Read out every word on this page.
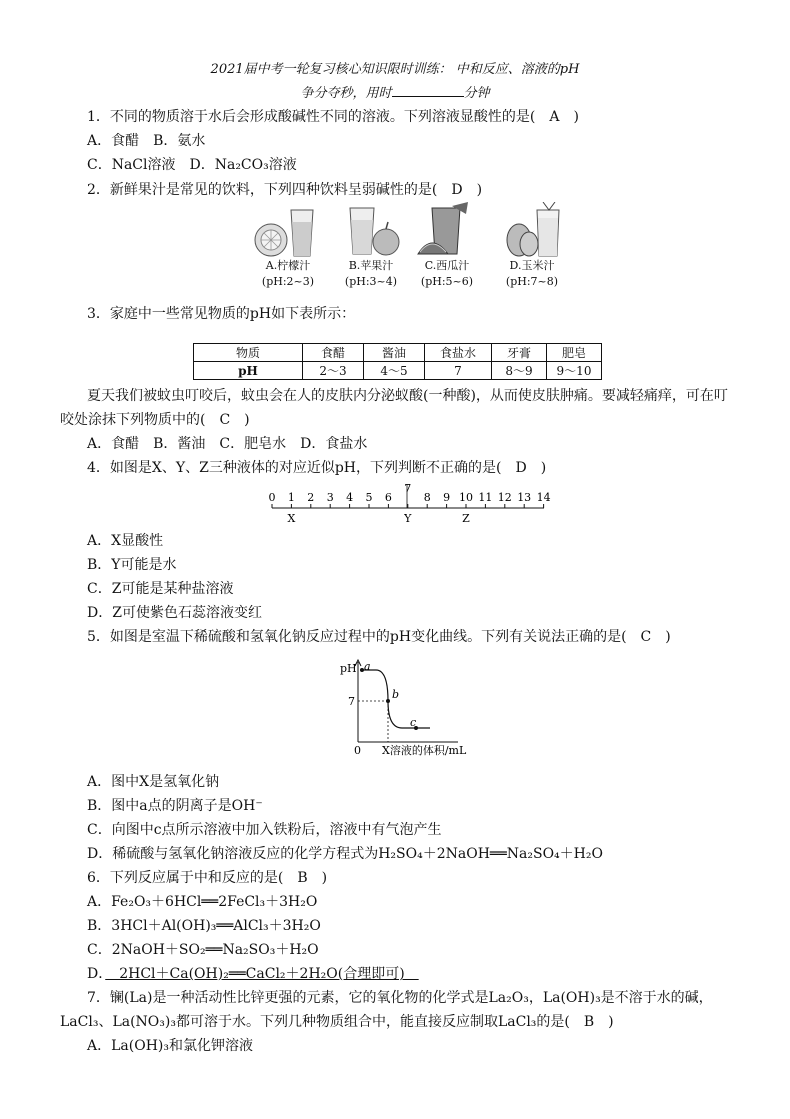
2021届中考一轮复习核心知识限时训练： 中和反应、溶液的pH
争分夺秒，用时	分钟
1．不同的物质溶于水后会形成酸碱性不同的溶液。下列溶液显酸性的是(　A　)
A．食醋　B．氨水
C．NaCl溶液　D．Na₂CO₃溶液
2．新鲜果汁是常见的饮料，下列四种饮料呈弱碱性的是(　D　)
A.柠檬汁
(pH:2~3)
B.苹果汁
(pH:3~4)
C.西瓜汁
(pH:5~6)
D.玉米汁
(pH:7~8)
3．家庭中一些常见物质的pH如下表所示：
物质	食醋	酱油	食盐水	牙膏	肥皂
pH	2～3	4～5	7	8～9	9～10
夏天我们被蚊虫叮咬后，蚊虫会在人的皮肤内分泌蚁酸(一种酸)，从而使皮肤肿痛。要减轻痛痒，可在叮
咬处涂抹下列物质中的(　C　)
A．食醋　B．酱油　C．肥皂水　D．食盐水
4．如图是X、Y、Z三种液体的对应近似pH，下列判断不正确的是(　D　)
0 1 2 3 4 5 6	8 9 10 11 12 13 14
7
X	Y	Z
A．X显酸性
B．Y可能是水
C．Z可能是某种盐溶液
D．Z可使紫色石蕊溶液变红
5．如图是室温下稀硫酸和氢氧化钠反应过程中的pH变化曲线。下列有关说法正确的是(　C　)
pH a
b
c
7
0 X溶液的体积/mL
A．图中X是氢氧化钠
B．图中a点的阴离子是OH⁻
C．向图中c点所示溶液中加入铁粉后，溶液中有气泡产生
D．稀硫酸与氢氧化钠溶液反应的化学方程式为H₂SO₄＋2NaOH══Na₂SO₄＋H₂O
6．下列反应属于中和反应的是(　B　)
A．Fe₂O₃＋6HCl══2FeCl₃＋3H₂O
B．3HCl＋Al(OH)₃══AlCl₃＋3H₂O
C．2NaOH＋SO₂══Na₂SO₃＋H₂O
D．　2HCl＋Ca(OH)₂══CaCl₂＋2H₂O(合理即可)　
7．镧(La)是一种活动性比锌更强的元素，它的氧化物的化学式是La₂O₃，La(OH)₃是不溶于水的碱，
LaCl₃、La(NO₃)₃都可溶于水。下列几种物质组合中，能直接反应制取LaCl₃的是(　B　)
A．La(OH)₃和氯化钾溶液
